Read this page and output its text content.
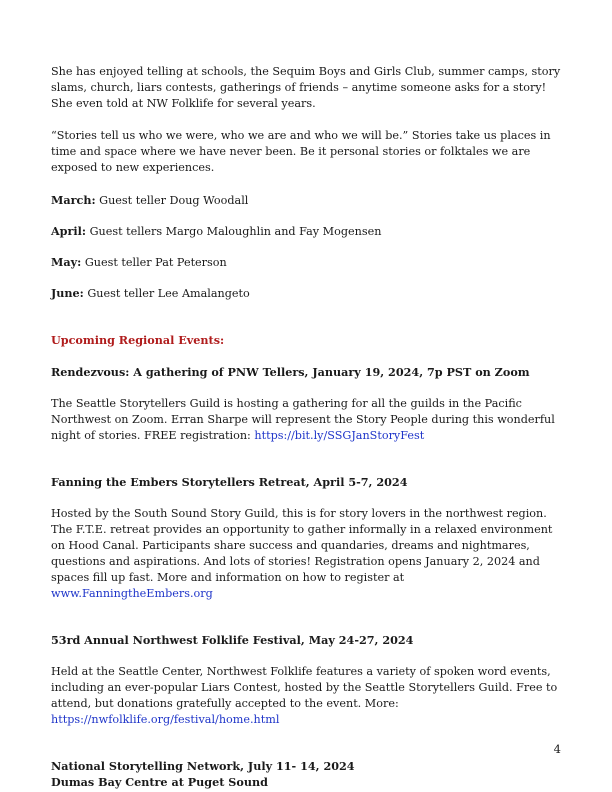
She has enjoyed telling at schools, the Sequim Boys and Girls Club, summer camps, story slams, church, liars contests, gatherings of friends – anytime someone asks for a story! She even told at NW Folklife for several years.

“Stories tell us who we were, who we are and who we will be.” Stories take us places in time and space where we have never been. Be it personal stories or folktales we are exposed to new experiences.

March: Guest teller Doug Woodall

April: Guest tellers Margo Maloughlin and Fay Mogensen

May: Guest teller Pat Peterson

June: Guest teller Lee Amalangeto

Upcoming Regional Events:

Rendezvous: A gathering of PNW Tellers, January 19, 2024, 7p PST on Zoom

The Seattle Storytellers Guild is hosting a gathering for all the guilds in the Pacific Northwest on Zoom. Erran Sharpe will represent the Story People during this wonderful night of stories. FREE registration: https://bit.ly/SSGJanStoryFest

Fanning the Embers Storytellers Retreat, April 5-7, 2024

Hosted by the South Sound Story Guild, this is for story lovers in the northwest region. The F.T.E. retreat provides an opportunity to gather informally in a relaxed environment on Hood Canal. Participants share success and quandaries, dreams and nightmares, questions and aspirations. And lots of stories! Registration opens January 2, 2024 and spaces fill up fast. More and information on how to register at www.FanningtheEmbers.org

53rd Annual Northwest Folklife Festival, May 24-27, 2024

Held at the Seattle Center, Northwest Folklife features a variety of spoken word events, including an ever-popular Liars Contest, hosted by the Seattle Storytellers Guild. Free to attend, but donations gratefully accepted to the event. More: https://nwfolklife.org/festival/home.html

National Storytelling Network, July 11- 14, 2024

Dumas Bay Centre at Puget Sound

4
